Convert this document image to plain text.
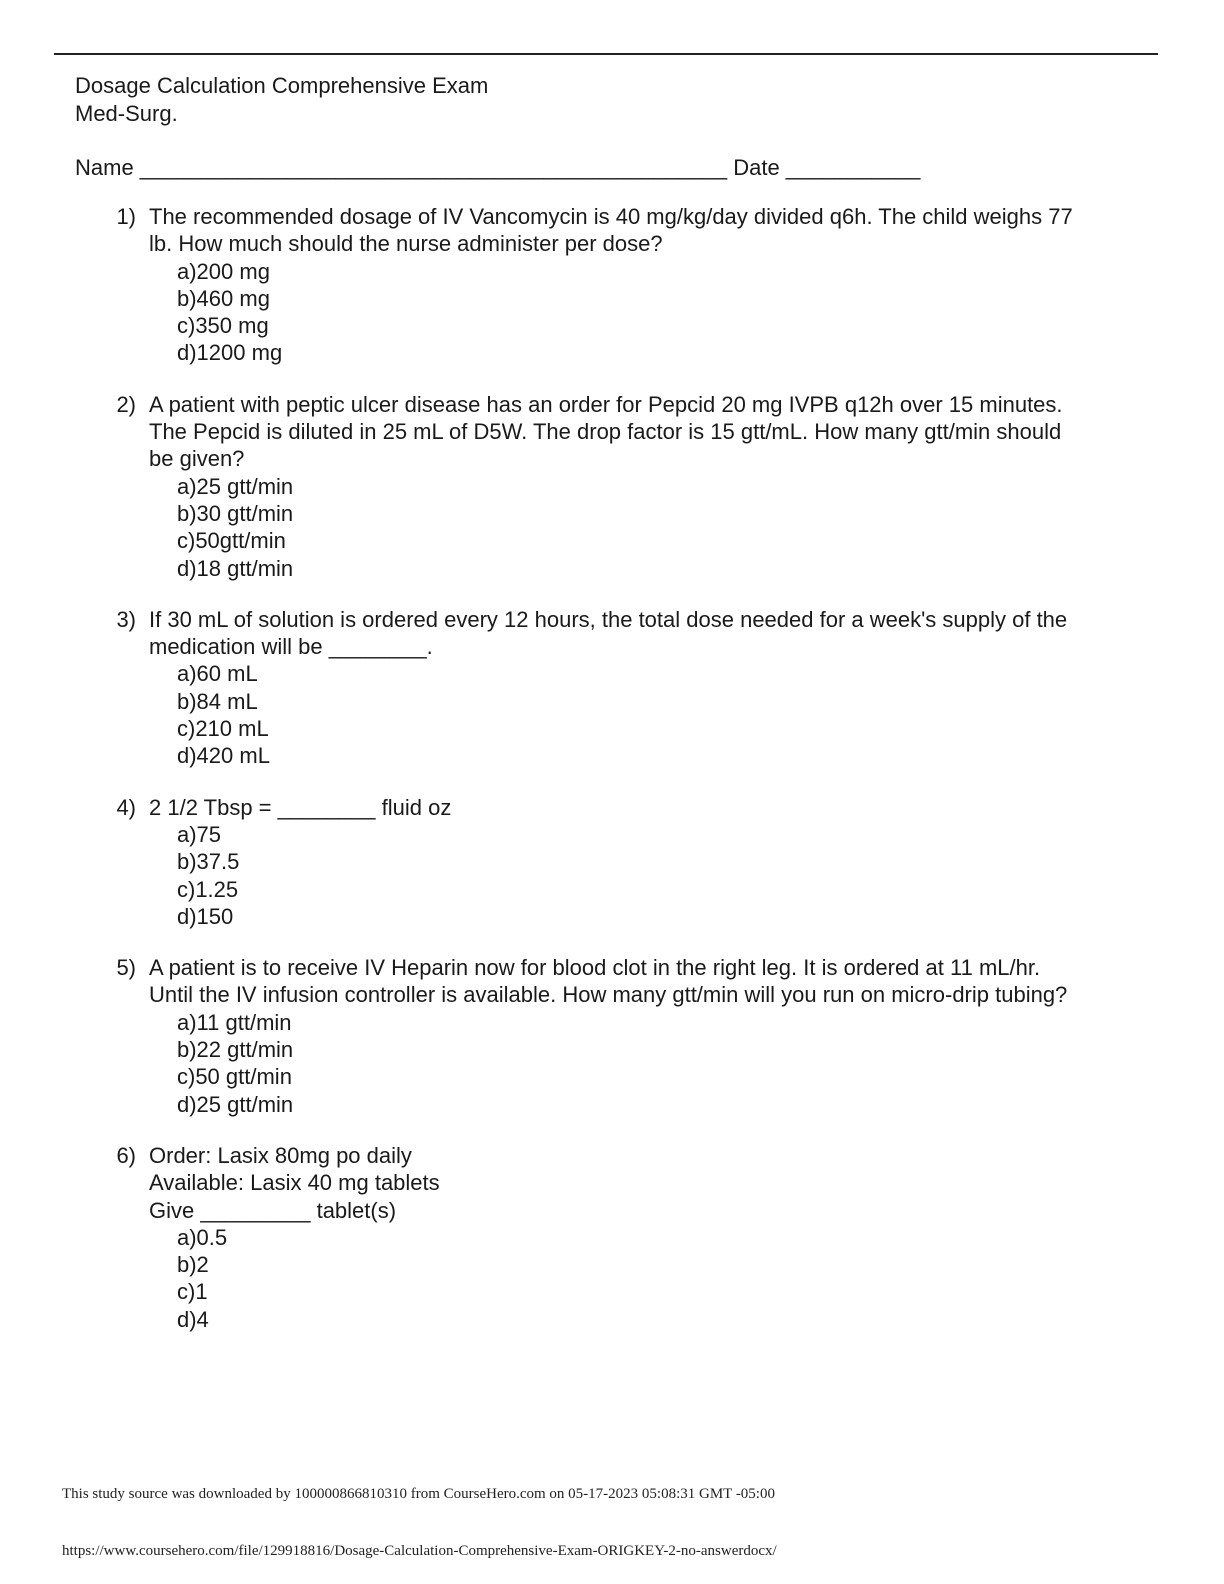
Dosage Calculation Comprehensive Exam

Med-Surg.

Name ________________________________________________ Date ___________
1) The recommended dosage of IV Vancomycin is 40 mg/kg/day divided q6h. The child weighs 77
lb. How much should the nurse administer per dose?

a)200 mg
b)460 mg
c)350 mg
d)1200 mg
2) A patient with peptic ulcer disease has an order for Pepcid 20 mg IVPB q12h over 15 minutes.
The Pepcid is diluted in 25 mL of D5W. The drop factor is 15 gtt/mL. How many gtt/min should
be given?

a)25 gtt/min
b)30 gtt/min
c)50gtt/min
d)18 gtt/min
3) If 30 mL of solution is ordered every 12 hours, the total dose needed for a week's supply of the
medication will be ________.

a)60 mL
b)84 mL
c)210 mL
d)420 mL
4) 2 1/2 Tbsp = ________ fluid oz

a)75
b)37.5
c)1.25
d)150
5) A patient is to receive IV Heparin now for blood clot in the right leg. It is ordered at 11 mL/hr.
Until the IV infusion controller is available. How many gtt/min will you run on micro-drip tubing?

a)11 gtt/min
b)22 gtt/min
c)50 gtt/min
d)25 gtt/min
6) Order: Lasix 80mg po daily
Available: Lasix 40 mg tablets
Give _________ tablet(s)

a)0.5
b)2
c)1
d)4
This study source was downloaded by 100000866810310 from CourseHero.com on 05-17-2023 05:08:31 GMT -05:00
https://www.coursehero.com/file/129918816/Dosage-Calculation-Comprehensive-Exam-ORIGKEY-2-no-answerdocx/
